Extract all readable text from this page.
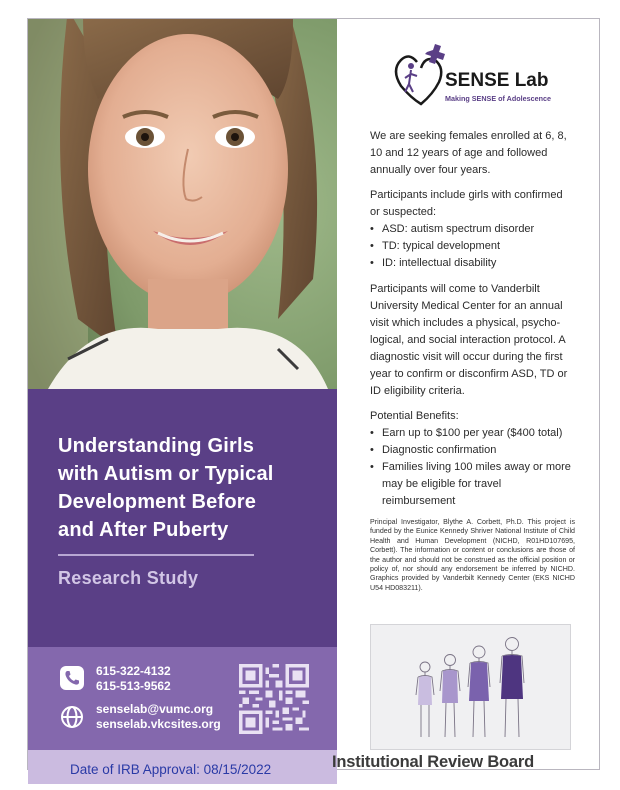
Understanding Girls
with Autism or Typical
Development Before
and After Puberty
Research Study
615-322-4132
615-513-9562
senselab@vumc.org
senselab.vkcsites.org
Date of IRB Approval: 08/15/2022	Institutional Review Board
SENSE Lab
Making SENSE of Adolescence
We are seeking females enrolled at 6, 8, 10 and 12 years of age and followed annually over four years.
Participants include girls with confirmed or suspected:
• ASD: autism spectrum disorder
• TD: typical development
• ID: intellectual disability
Participants will come to Vanderbilt University Medical Center for an annual visit which includes a physical, psycho-logical, and social interaction protocol. A diagnostic visit will occur during the first year to confirm or disconfirm ASD, TD or ID eligibility criteria.
Potential Benefits:
• Earn up to $100 per year ($400 total)
• Diagnostic confirmation
• Families living 100 miles away or more may be eligible for travel reimbursement
Principal Investigator, Blythe A. Corbett, Ph.D. This project is funded by the Eunice Kennedy Shriver National Institute of Child Health and Human Development (NICHD, R01HD107695, Corbett). The information or content or conclusions are those of the author and should not be construed as the official position or policy of, nor should any endorsement be inferred by NICHD. Graphics provided by Vanderbilt Kennedy Center (EKS NICHD U54 HD083211).
